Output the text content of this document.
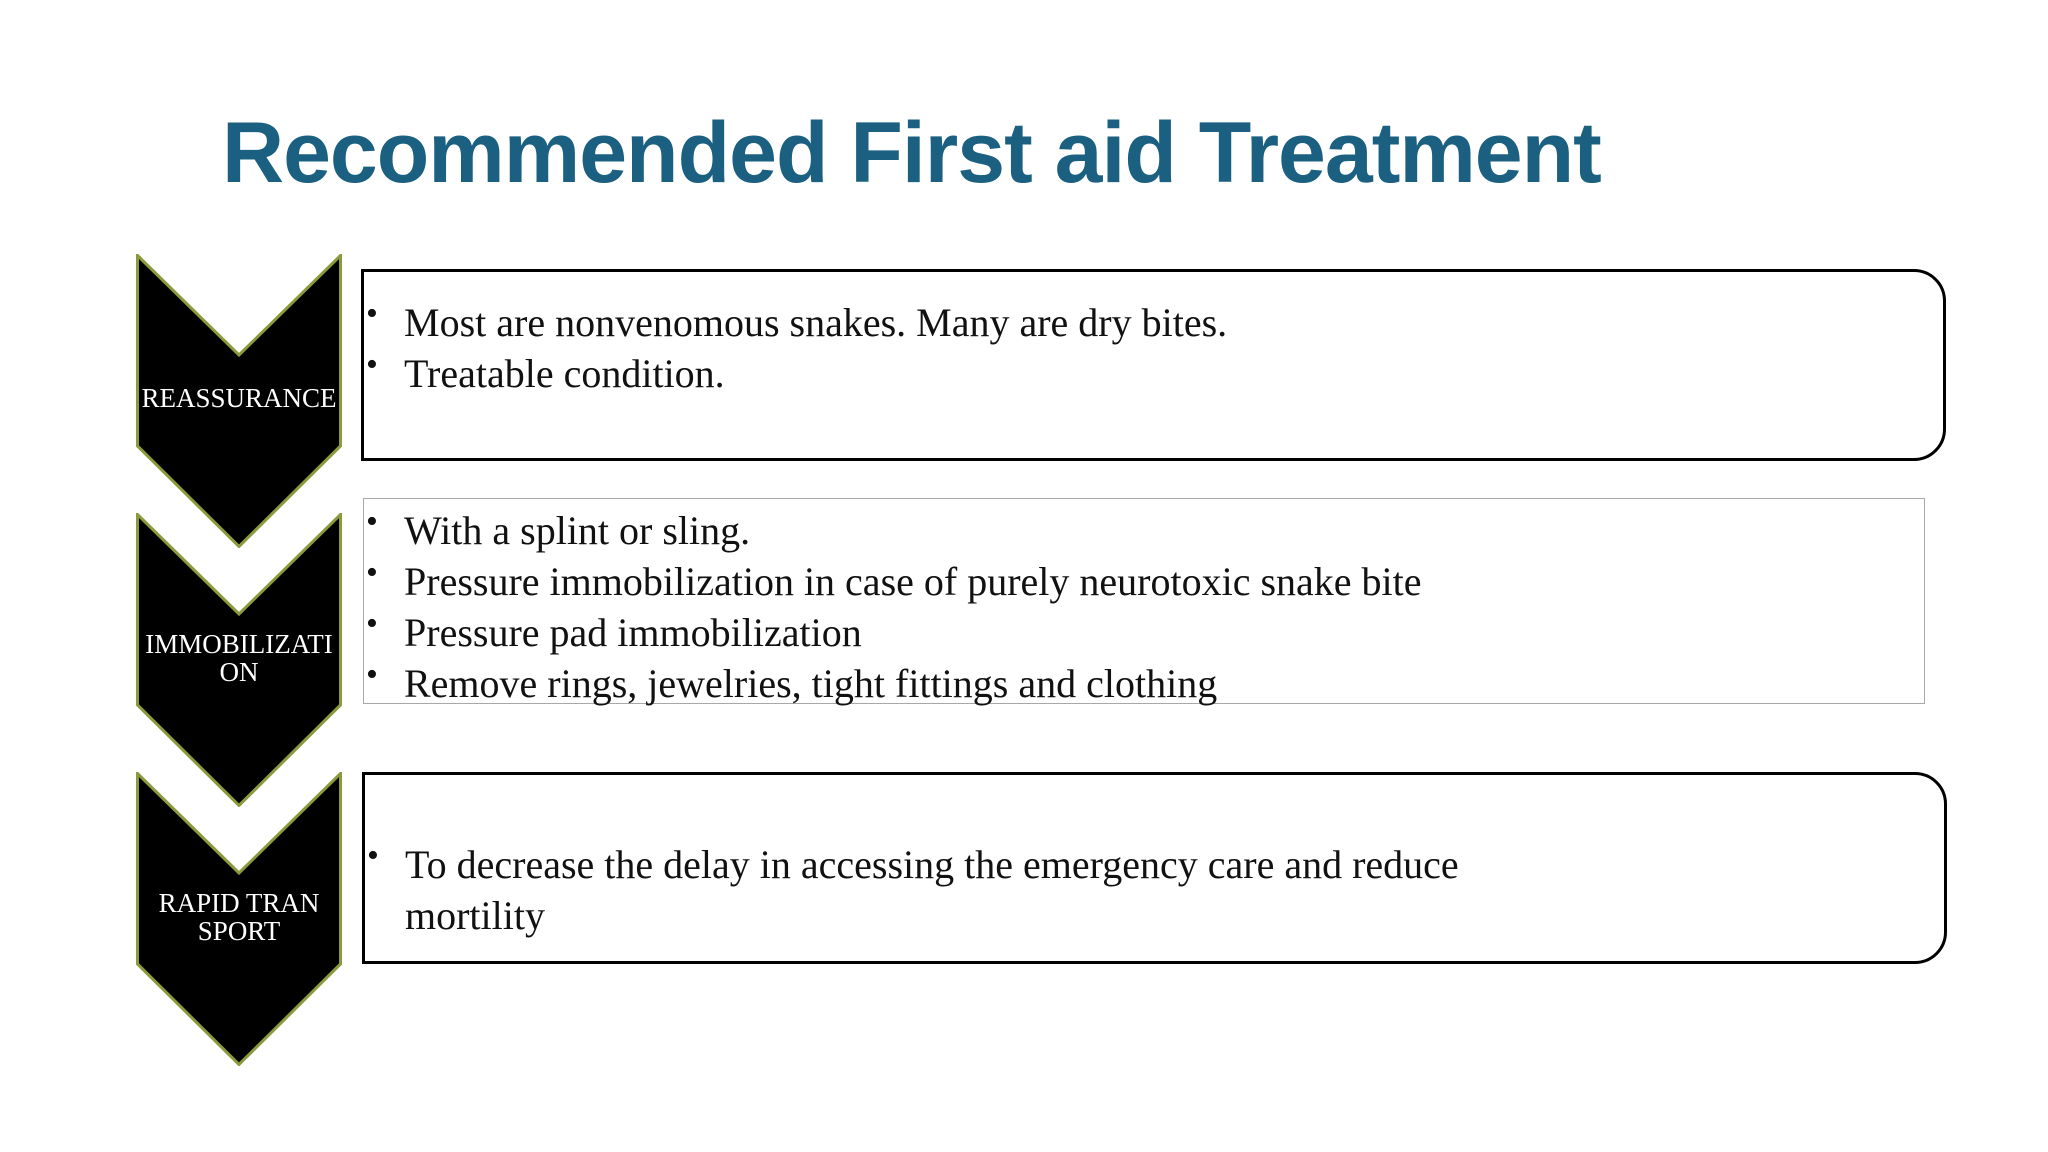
Recommended First aid Treatment
REASSURANCE
IMMOBILIZATION
RAPID TRANSPORT
• Most are nonvenomous snakes. Many are dry bites.
• Treatable condition.
• With a splint or sling.
• Pressure immobilization in case of purely neurotoxic snake bite
• Pressure pad immobilization
• Remove rings, jewelries, tight fittings and clothing
• To decrease the delay in accessing the emergency care and reduce mortility
